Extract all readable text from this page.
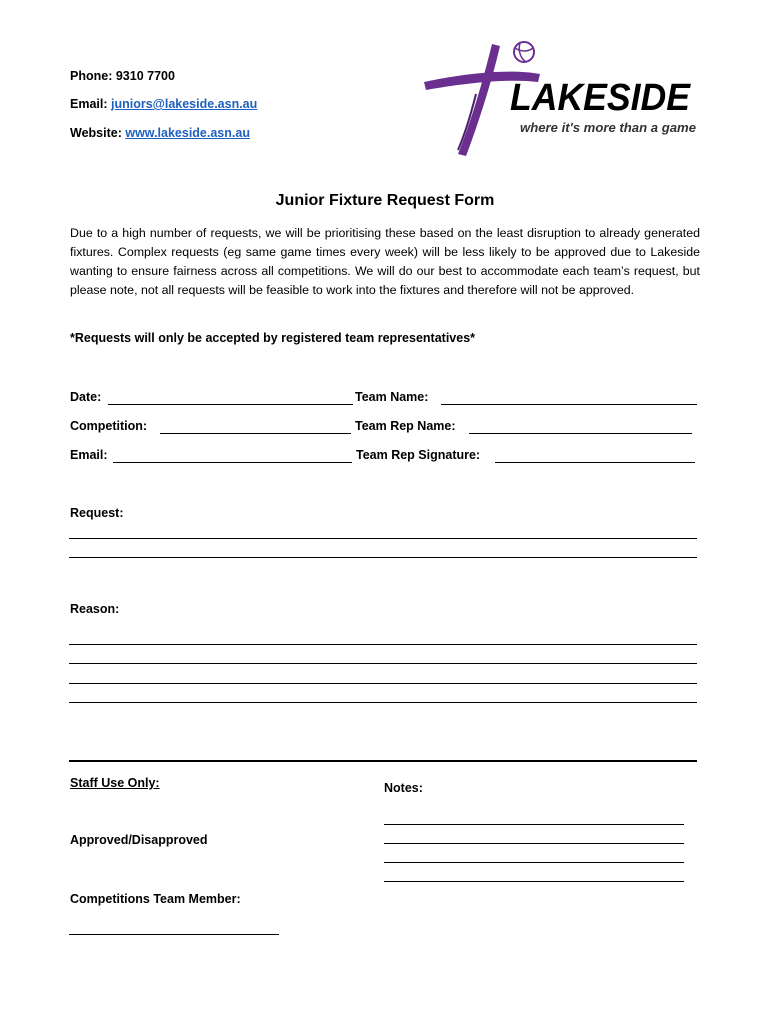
Phone: 9310 7700
Email: juniors@lakeside.asn.au
Website: www.lakeside.asn.au
LAKESIDE
where it's more than a game
Junior Fixture Request Form
Due to a high number of requests, we will be prioritising these based on the least disruption to already generated fixtures. Complex requests (eg same game times every week) will be less likely to be approved due to Lakeside wanting to ensure fairness across all competitions. We will do our best to accommodate each team’s request, but please note, not all requests will be feasible to work into the fixtures and therefore will not be approved.
*Requests will only be accepted by registered team representatives*
Date:	Team Name:
Competition:	Team Rep Name:
Email:	Team Rep Signature:
Request:
Reason:
Staff Use Only:	Notes:
Approved/Disapproved
Competitions Team Member:
